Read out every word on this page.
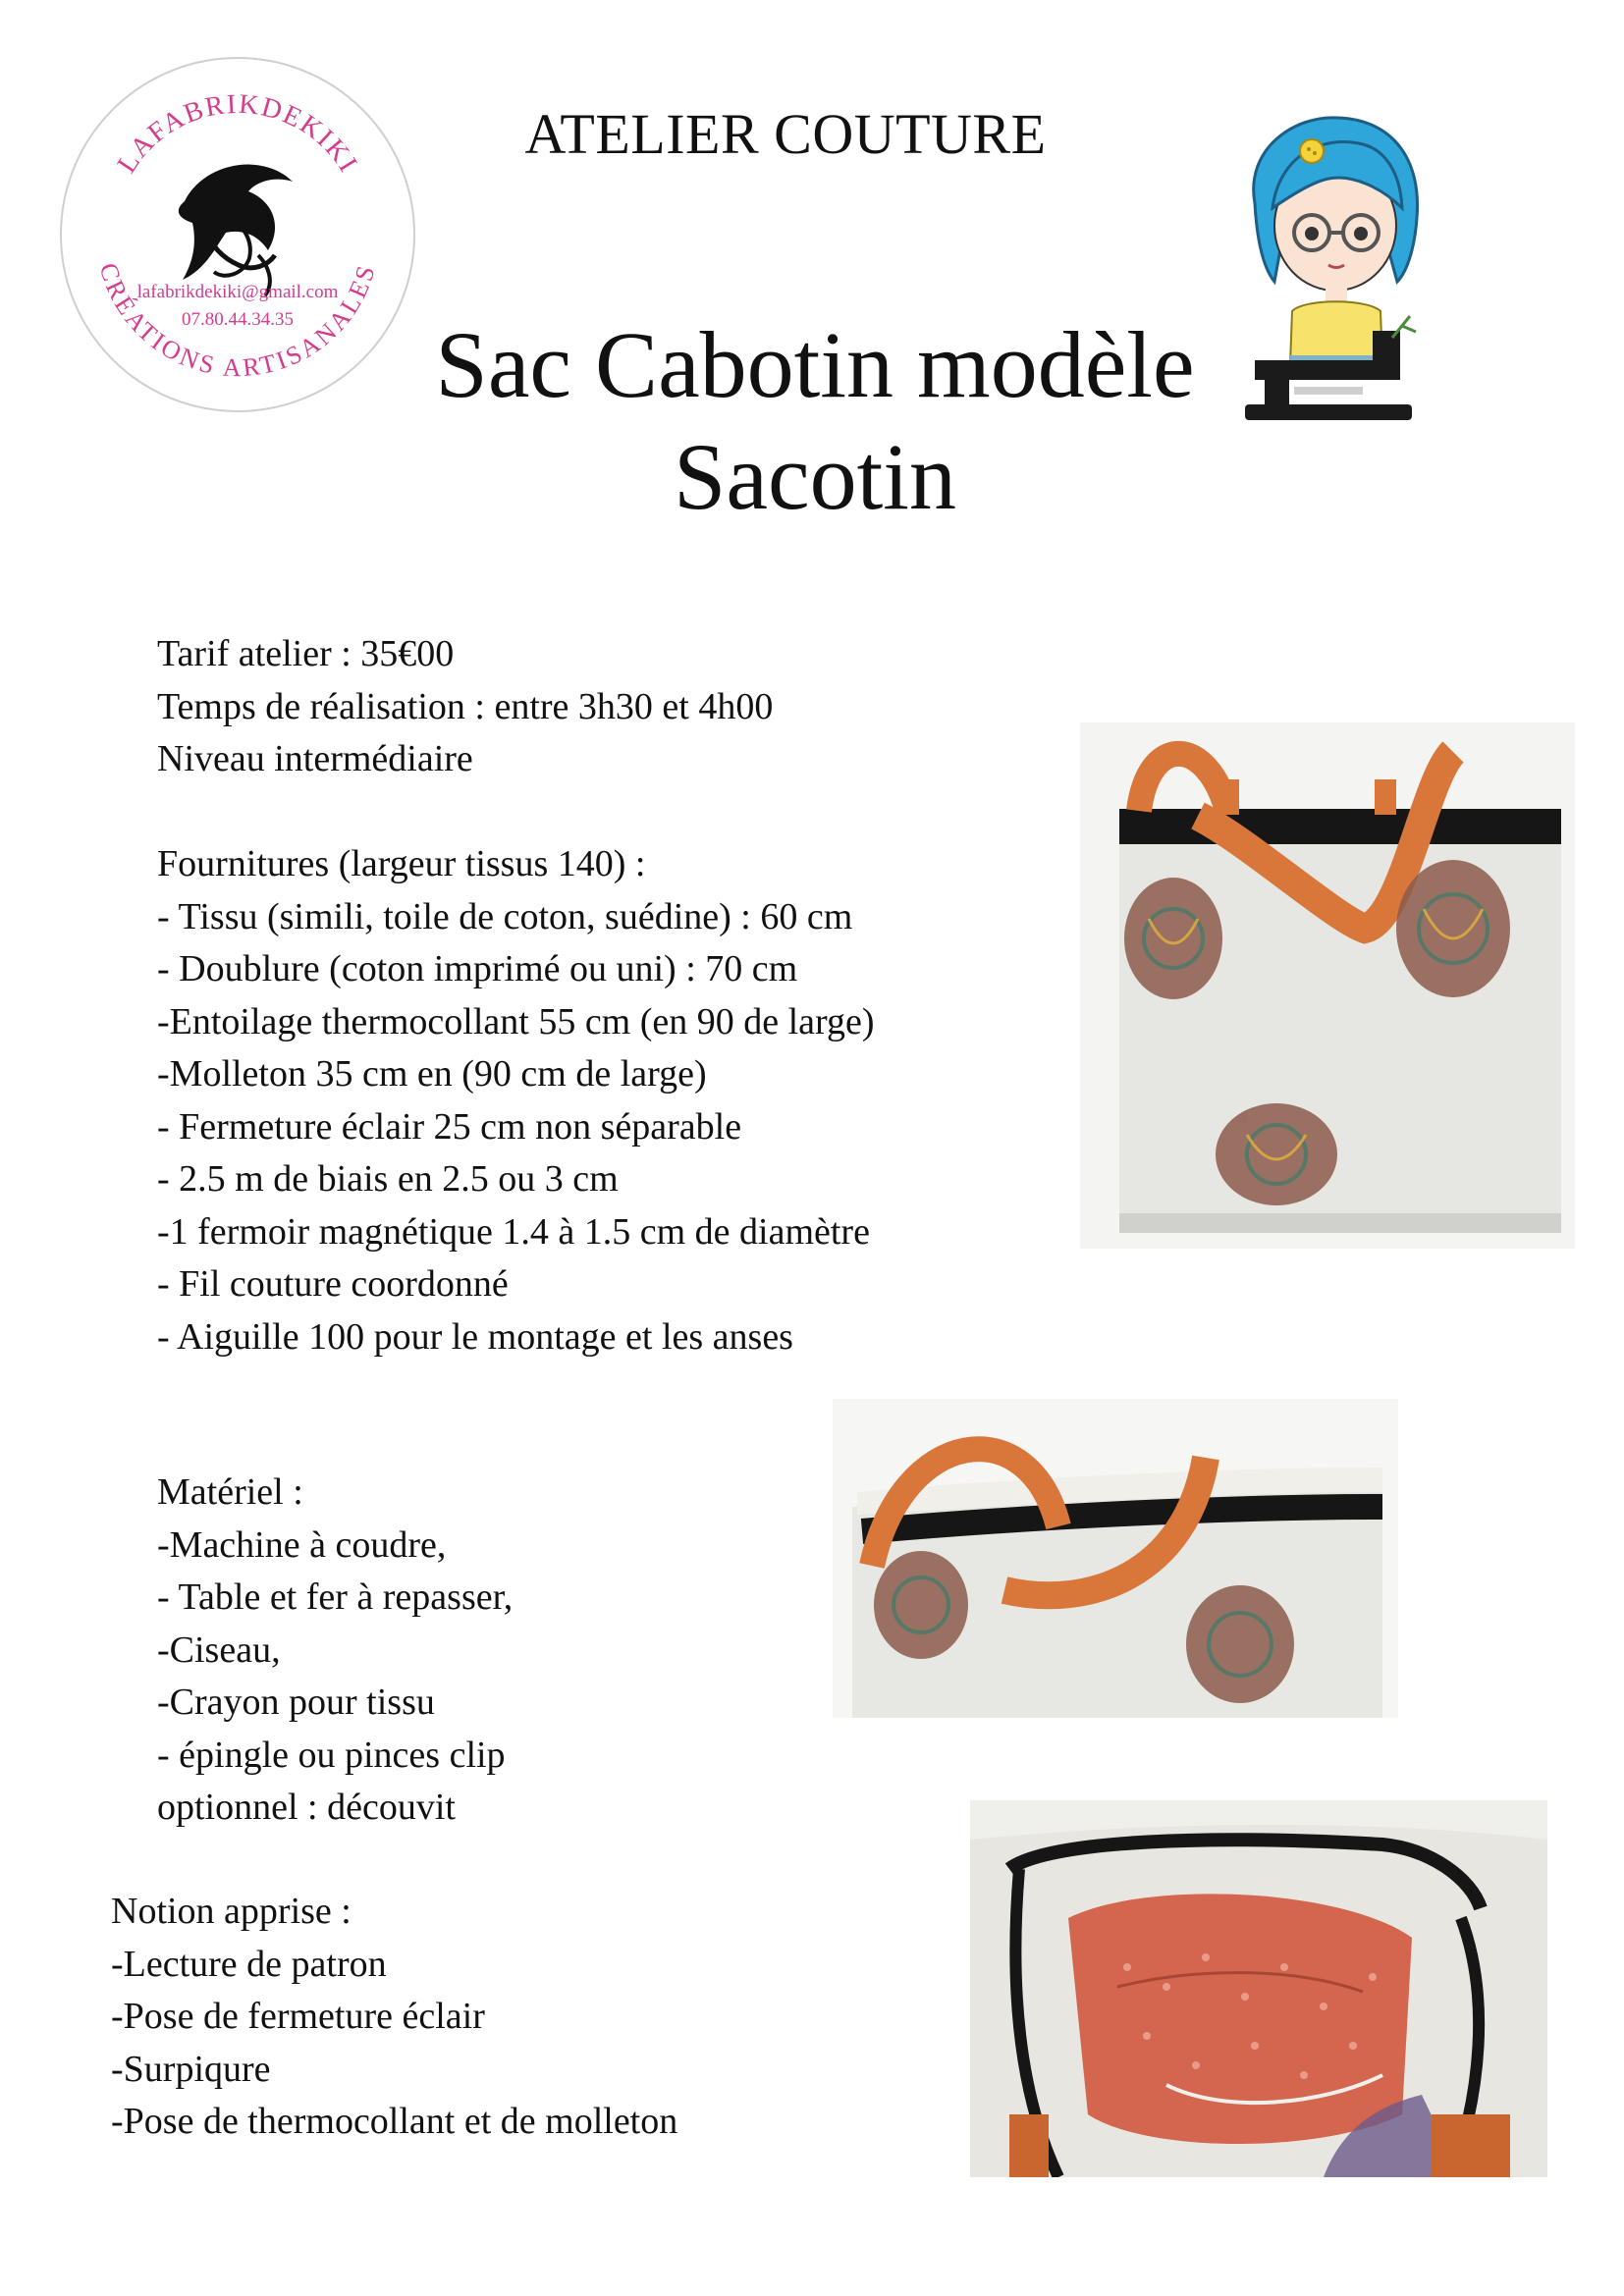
LAFABRIKDEKIKI
CRÉATIONS ARTISANALES
lafabrikdekiki@gmail.com
07.80.44.34.35
ATELIER COUTURE
Sac Cabotin modèle
Sacotin
Tarif atelier : 35€00
Temps de réalisation : entre 3h30 et 4h00
Niveau intermédiaire
Fournitures (largeur tissus 140) :
- Tissu (simili, toile de coton, suédine) : 60 cm
- Doublure (coton imprimé ou uni) : 70 cm
-Entoilage thermocollant 55 cm (en 90 de large)
-Molleton 35 cm en (90 cm de large)
- Fermeture éclair 25 cm non séparable
- 2.5 m de biais en 2.5 ou 3 cm
-1 fermoir magnétique 1.4 à 1.5 cm de diamètre
- Fil couture coordonné
- Aiguille 100 pour le montage et les anses
Matériel :
-Machine à coudre,
- Table et fer à repasser,
-Ciseau,
-Crayon pour tissu
- épingle ou pinces clip
optionnel : découvit
Notion apprise :
-Lecture de patron
-Pose de fermeture éclair
-Surpiqure
-Pose de thermocollant et de molleton
